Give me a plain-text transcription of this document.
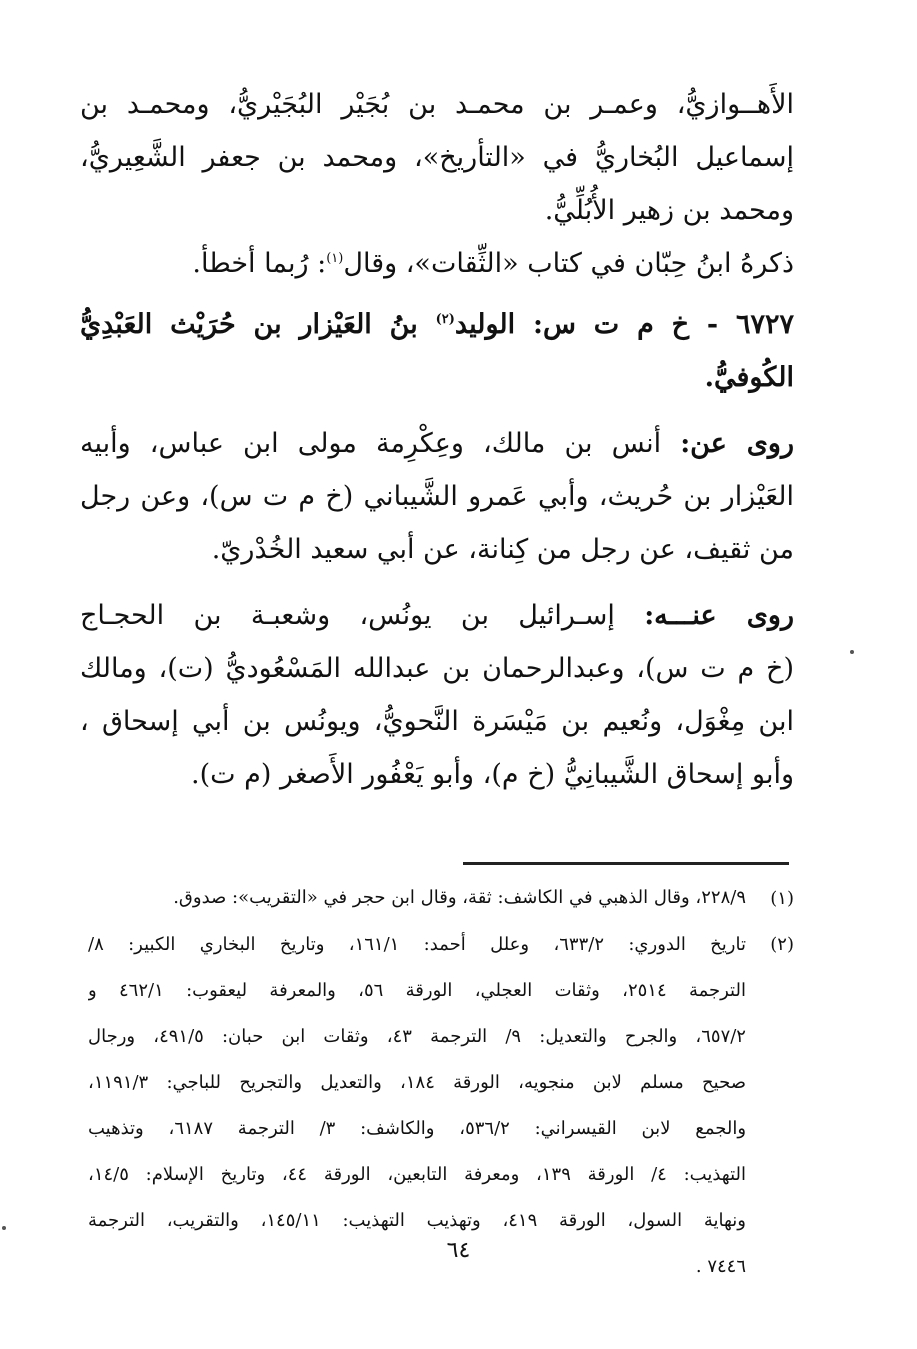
الأَهــوازيُّ، وعمـر بن محمـد بن بُجَيْر البُجَيْريُّ، ومحمـد بن
إسماعيل البُخاريُّ في «التأريخ»، ومحمد بن جعفر الشَّعِيريُّ،
ومحمد بن زهير الأُبُلِّيُّ.
ذكرهُ ابنُ حِبّان في كتاب «الثِّقات»، وقال$^{(١)}$: رُبما أخطأ.
٦٧٢٧ - خ م ت س: الوليد$^{(٢)}$ بنُ العَيْزار بن حُرَيْث العَبْدِيُّ
الكُوفيُّ.
روى عن: أنس بن مالك، وعِكْرِمة مولى ابن عباس، وأبيه
العَيْزار بن حُريث، وأبي عَمرو الشَّيباني (خ م ت س)، وعن رجل
من ثقيف، عن رجل من كِنانة، عن أبي سعيد الخُدْريّ.
روى عنـــه: إسـرائيل بن يونُس، وشعبـة بن الحجـاج
(خ م ت س)، وعبدالرحمان بن عبدالله المَسْعُوديُّ (ت)، ومالك
ابن مِغْوَل، ونُعيم بن مَيْسَرة النَّحويُّ، ويونُس بن أبي إسحاق ،
وأبو إسحاق الشَّيبانِيُّ (خ م)، وأبو يَعْفُور الأَصغر (م ت).
(١)
٢٢٨/٩، وقال الذهبي في الكاشف: ثقة، وقال ابن حجر في «التقريب»: صدوق.
(٢)
تاريخ الدوري: ٦٣٣/٢، وعلل أحمد: ١٦١/١، وتاريخ البخاري الكبير: ٨/
الترجمة ٢٥١٤، وثقات العجلي، الورقة ٥٦، والمعرفة ليعقوب: ٤٦٢/١ و
٦٥٧/٢، والجرح والتعديل: ٩/ الترجمة ٤٣، وثقات ابن حبان: ٤٩١/٥، ورجال
صحيح مسلم لابن منجويه، الورقة ١٨٤، والتعديل والتجريح للباجي: ١١٩١/٣،
والجمع لابن القيسراني: ٥٣٦/٢، والكاشف: ٣/ الترجمة ٦١٨٧، وتذهيب
التهذيب: ٤/ الورقة ١٣٩، ومعرفة التابعين، الورقة ٤٤، وتاريخ الإسلام: ١٤/٥،
ونهاية السول، الورقة ٤١٩، وتهذيب التهذيب: ١٤٥/١١، والتقريب، الترجمة
٧٤٤٦ .
٦٤
